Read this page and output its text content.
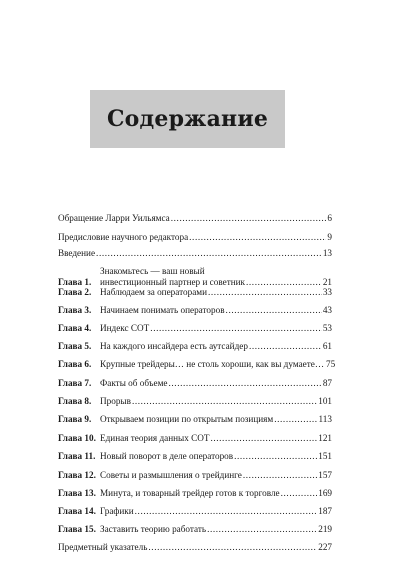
Содержание
Обращение Ларри Уильямса .....	6
Предисловие научного редактора .....	9
Введение .....	13
Глава 1.
Знакомьтесь — ваш новый
инвестиционный партнер и советник .....	21
Глава 2. Наблюдаем за операторами .....	33
Глава 3. Начинаем понимать операторов .....	43
Глава 4. Индекс COT .....	53
Глава 5. На каждого инсайдера есть аутсайдер .....	61
Глава 6. Крупные трейдеры… не столь хороши, как вы думаете… 75
Глава 7. Факты об объеме .....	87
Глава 8. Прорыв .....	101
Глава 9. Открываем позиции по открытым позициям .....	113
Глава 10. Единая теория данных COT .....	121
Глава 11. Новый поворот в деле операторов .....	151
Глава 12. Советы и размышления о трейдинге .....	157
Глава 13. Минута, и товарный трейдер готов к торговле .....	169
Глава 14. Графики .....	187
Глава 15. Заставить теорию работать .....	219
Предметный указатель .....	227
